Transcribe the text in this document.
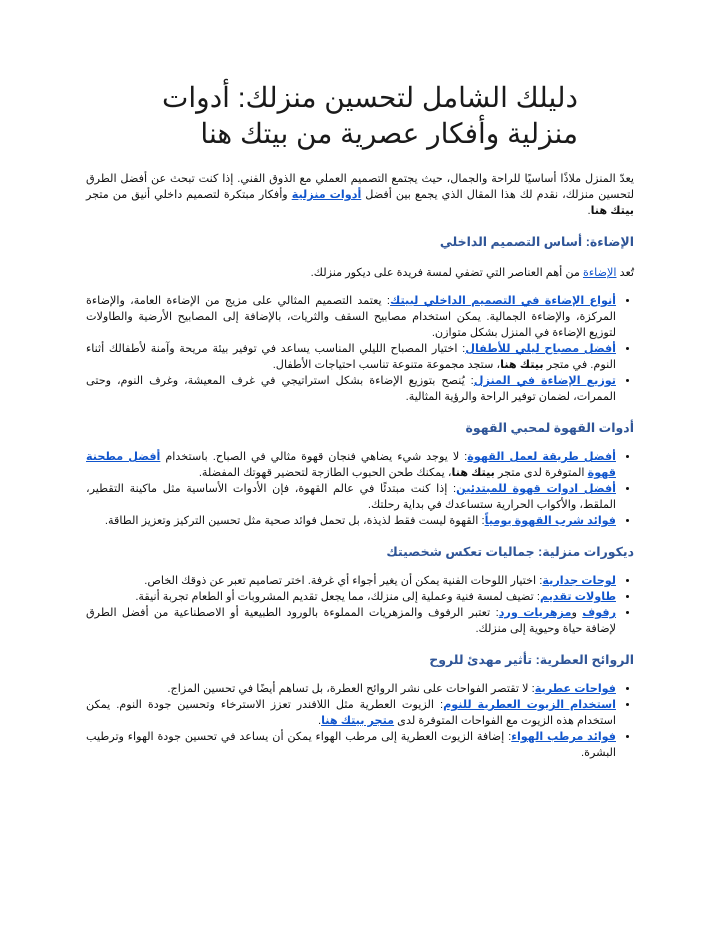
دليلك الشامل لتحسين منزلك: أدوات منزلية وأفكار عصرية من بيتك هنا

يعدّ المنزل ملاذًا أساسيًا للراحة والجمال، حيث يجتمع التصميم العملي مع الذوق الفني. إذا كنت تبحث عن أفضل الطرق لتحسين منزلك، نقدم لك هذا المقال الذي يجمع بين أفضل أدوات منزلية وأفكار مبتكرة لتصميم داخلي أنيق من متجر بيتك هنا.

الإضاءة: أساس التصميم الداخلي

تُعد الإضاءة من أهم العناصر التي تضفي لمسة فريدة على ديكور منزلك.

• أنواع الإضاءة في التصميم الداخلي لبيتك: يعتمد التصميم المثالي على مزيج من الإضاءة العامة، والإضاءة المركزة، والإضاءة الجمالية. يمكن استخدام مصابيح السقف والثريات، بالإضافة إلى المصابيح الأرضية والطاولات لتوزيع الإضاءة في المنزل بشكل متوازن.
• أفضل مصباح ليلي للأطفال: اختيار المصباح الليلي المناسب يساعد في توفير بيئة مريحة وآمنة لأطفالك أثناء النوم. في متجر بيتك هنا، ستجد مجموعة متنوعة تناسب احتياجات الأطفال.
• توزيع الإضاءة في المنزل: يُنصح بتوزيع الإضاءة بشكل استراتيجي في غرف المعيشة، وغرف النوم، وحتى الممرات، لضمان توفير الراحة والرؤية المثالية.
أدوات القهوة لمحبي القهوة
• أفضل طريقة لعمل القهوة: لا يوجد شيء يضاهي فنجان قهوة مثالي في الصباح. باستخدام أفضل مطحنة قهوة المتوفرة لدى متجر بيتك هنا، يمكنك طحن الحبوب الطازجة لتحضير قهوتك المفضلة.
• أفضل ادوات قهوة للمبتدئين: إذا كنت مبتدئًا في عالم القهوة، فإن الأدوات الأساسية مثل ماكينة التقطير، الملقط، والأكواب الحرارية ستساعدك في بداية رحلتك.
• فوائد شرب القهوة يومياً: القهوة ليست فقط لذيذة، بل تحمل فوائد صحية مثل تحسين التركيز وتعزيز الطاقة.
ديكورات منزلية: جماليات تعكس شخصيتك
• لوحات جدارية: اختيار اللوحات الفنية يمكن أن يغير أجواء أي غرفة. اختر تصاميم تعبر عن ذوقك الخاص.
• طاولات تقديم: تضيف لمسة فنية وعملية إلى منزلك، مما يجعل تقديم المشروبات أو الطعام تجربة أنيقة.
• رفوف ومزهريات ورد: تعتبر الرفوف والمزهريات المملوءة بالورود الطبيعية أو الاصطناعية من أفضل الطرق لإضافة حياة وحيوية إلى منزلك.
الروائح العطرية: تأثير مهدئ للروح
• فواحات عطرية: لا تقتصر الفواحات على نشر الروائح العطرة، بل تساهم أيضًا في تحسين المزاج.
• استخدام الزيوت العطرية للنوم: الزيوت العطرية مثل اللافندر تعزز الاسترخاء وتحسين جودة النوم. يمكن استخدام هذه الزيوت مع الفواحات المتوفرة لدى متجر بيتك هنا.
• فوائد مرطب الهواء: إضافة الزيوت العطرية إلى مرطب الهواء يمكن أن يساعد في تحسين جودة الهواء وترطيب البشرة.
